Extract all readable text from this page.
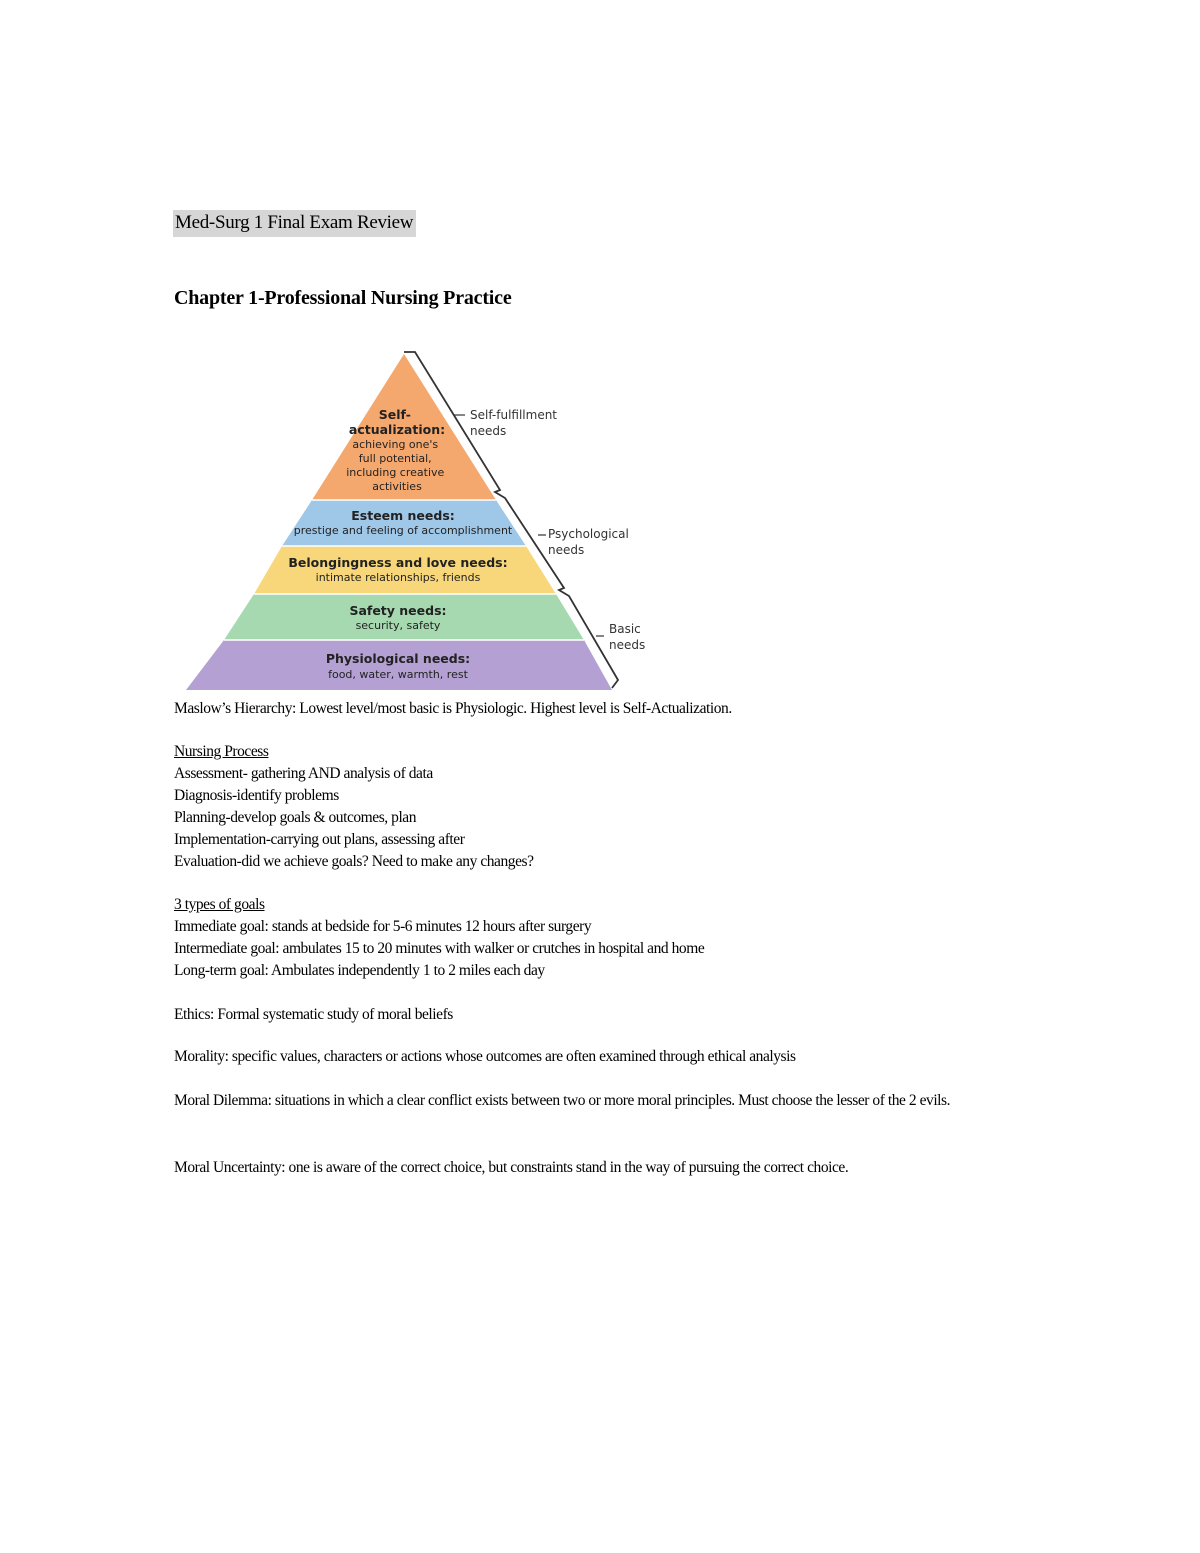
Med-Surg 1 Final Exam Review
Chapter 1-Professional Nursing Practice
Self- actualization:
achieving one's full potential, including creative activities
Esteem needs:
prestige and feeling of accomplishment
Belongingness and love needs:
intimate relationships, friends
Safety needs:
security, safety
Physiological needs:
food, water, warmth, rest
Self-fulfillment needs
Psychological needs
Basic needs

Maslow’s Hierarchy: Lowest level/most basic is Physiologic. Highest level is Self-Actualization.

Nursing Process
Assessment- gathering AND analysis of data
Diagnosis-identify problems
Planning-develop goals & outcomes, plan
Implementation-carrying out plans, assessing after
Evaluation-did we achieve goals? Need to make any changes?
3 types of goals
Immediate goal: stands at bedside for 5-6 minutes 12 hours after surgery
Intermediate goal: ambulates 15 to 20 minutes with walker or crutches in hospital and home
Long-term goal: Ambulates independently 1 to 2 miles each day

Ethics: Formal systematic study of moral beliefs

Morality: specific values, characters or actions whose outcomes are often examined through ethical analysis

Moral Dilemma: situations in which a clear conflict exists between two or more moral principles. Must choose the lesser of the 2 evils.

Moral Uncertainty: one is aware of the correct choice, but constraints stand in the way of pursuing the correct choice.
